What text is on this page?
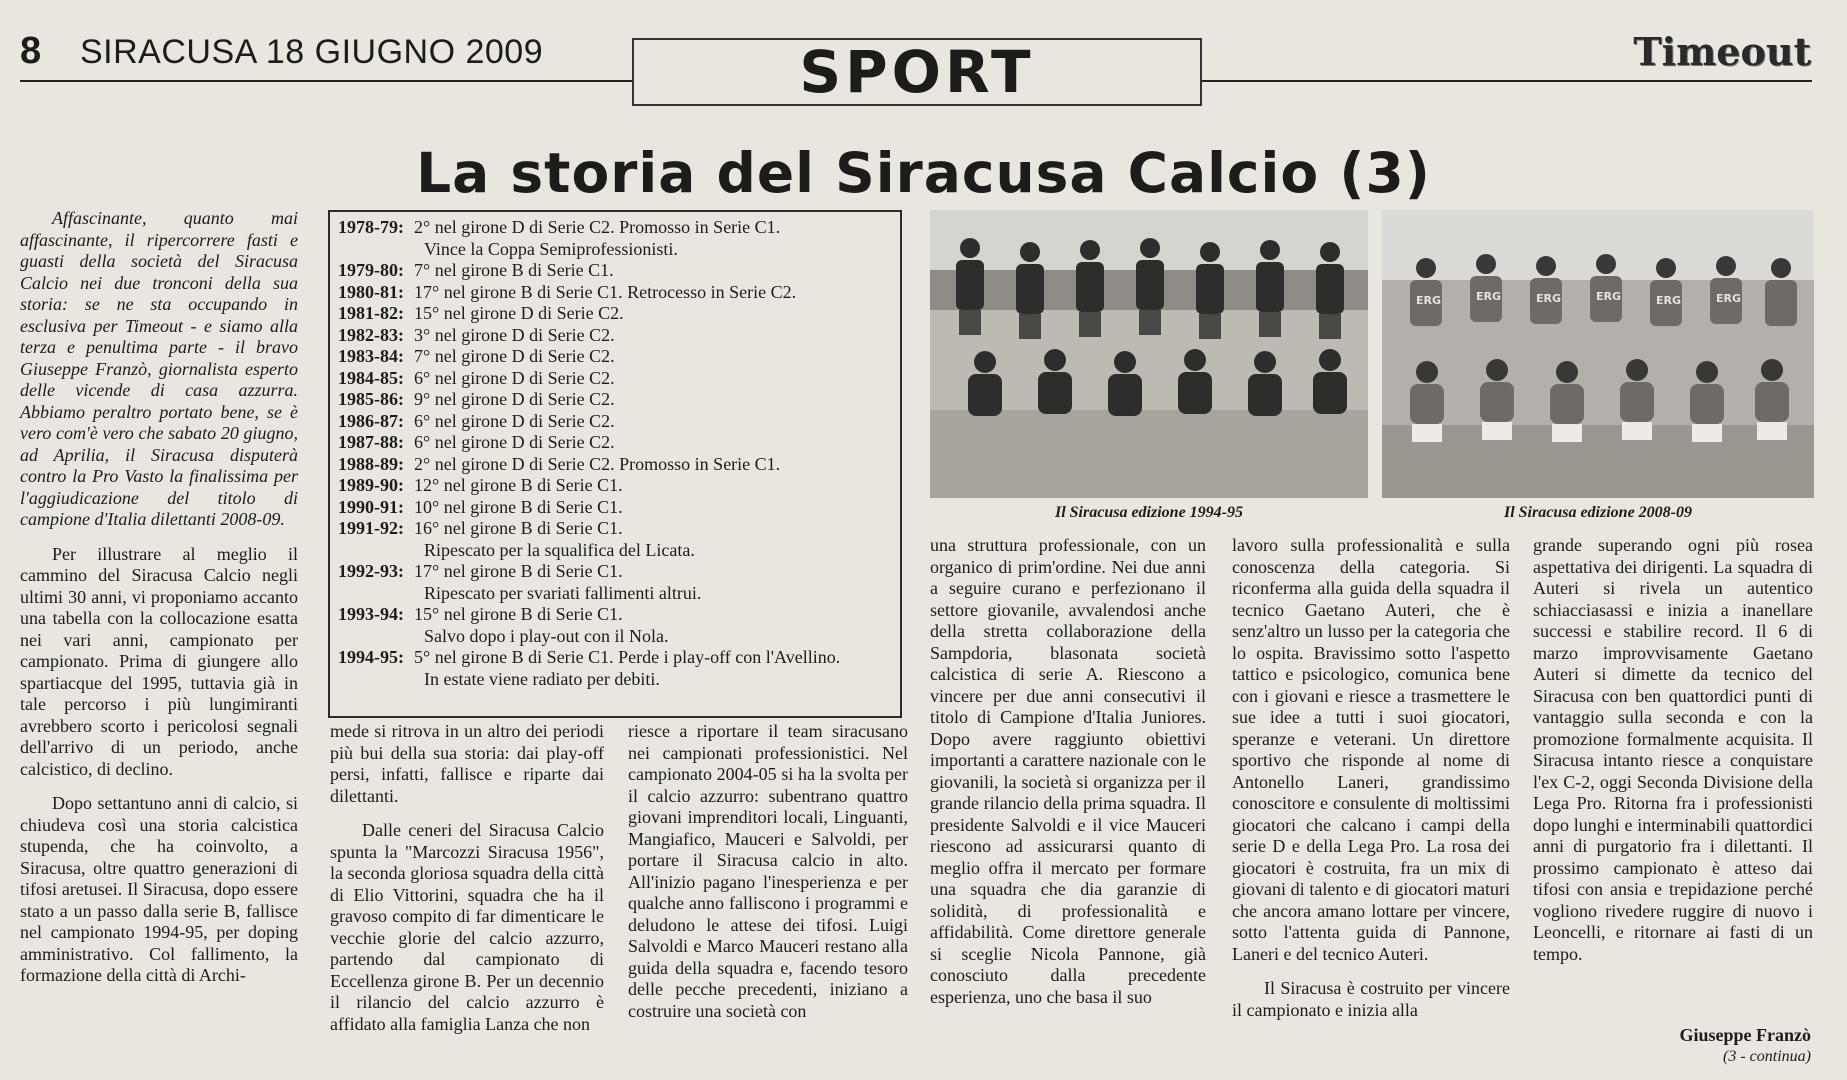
8 SIRACUSA 18 GIUGNO 2009	SPORT	Timeout
La storia del Siracusa Calcio (3)

Affascinante, quanto mai affascinante, il ripercorrere fasti e guasti della società del Siracusa Calcio nei due tronconi della sua storia: se ne sta occupando in esclusiva per Timeout - e siamo alla terza e penultima parte - il bravo Giuseppe Franzò, giornalista esperto delle vicende di casa azzurra. Abbiamo peraltro portato bene, se è vero com'è vero che sabato 20 giugno, ad Aprilia, il Siracusa disputerà contro la Pro Vasto la finalissima per l'aggiudicazione del titolo di campione d'Italia dilettanti 2008-09.

Per illustrare al meglio il cammino del Siracusa Calcio negli ultimi 30 anni, vi proponiamo accanto una tabella con la collocazione esatta nei vari anni, campionato per campionato. Prima di giungere allo spartiacque del 1995, tuttavia già in tale percorso i più lungimiranti avrebbero scorto i pericolosi segnali dell'arrivo di un periodo, anche calcistico, di declino.

Dopo settantuno anni di calcio, si chiudeva così una storia calcistica stupenda, che ha coinvolto, a Siracusa, oltre quattro generazioni di tifosi aretusei. Il Siracusa, dopo essere stato a un passo dalla serie B, fallisce nel campionato 1994-95, per doping amministrativo. Col fallimento, la formazione della città di Archi-

1978-79: 2° nel girone D di Serie C2. Promosso in Serie C1.
Vince la Coppa Semiprofessionisti.
1979-80: 7° nel girone B di Serie C1.
1980-81: 17° nel girone B di Serie C1. Retrocesso in Serie C2.
1981-82: 15° nel girone D di Serie C2.
1982-83: 3° nel girone D di Serie C2.
1983-84: 7° nel girone D di Serie C2.
1984-85: 6° nel girone D di Serie C2.
1985-86: 9° nel girone D di Serie C2.
1986-87: 6° nel girone D di Serie C2.
1987-88: 6° nel girone D di Serie C2.
1988-89: 2° nel girone D di Serie C2. Promosso in Serie C1.
1989-90: 12° nel girone B di Serie C1.
1990-91: 10° nel girone B di Serie C1.
1991-92: 16° nel girone B di Serie C1.
Ripescato per la squalifica del Licata.
1992-93: 17° nel girone B di Serie C1.
Ripescato per svariati fallimenti altrui.
1993-94: 15° nel girone B di Serie C1.
Salvo dopo i play-out con il Nola.
1994-95: 5° nel girone B di Serie C1. Perde i play-off con l'Avellino.
In estate viene radiato per debiti.

mede si ritrova in un altro dei periodi più bui della sua storia: dai play-off persi, infatti, fallisce e riparte dai dilettanti.

Dalle ceneri del Siracusa Calcio spunta la "Marcozzi Siracusa 1956", la seconda gloriosa squadra della città di Elio Vittorini, squadra che ha il gravoso compito di far dimenticare le vecchie glorie del calcio azzurro, partendo dal campionato di Eccellenza girone B. Per un decennio il rilancio del calcio azzurro è affidato alla famiglia Lanza che non

riesce a riportare il team siracusano nei campionati professionistici. Nel campionato 2004-05 si ha la svolta per il calcio azzurro: subentrano quattro giovani imprenditori locali, Linguanti, Mangiafico, Mauceri e Salvoldi, per portare il Siracusa calcio in alto. All'inizio pagano l'inesperienza e per qualche anno falliscono i programmi e deludono le attese dei tifosi. Luigi Salvoldi e Marco Mauceri restano alla guida della squadra e, facendo tesoro delle pecche precedenti, iniziano a costruire una società con

Il Siracusa edizione 1994-95
ERG	ERG	ERG	ERG	ERG	ERG
Il Siracusa edizione 2008-09

una struttura professionale, con un organico di prim'ordine. Nei due anni a seguire curano e perfezionano il settore giovanile, avvalendosi anche della stretta collaborazione della Sampdoria, blasonata società calcistica di serie A. Riescono a vincere per due anni consecutivi il titolo di Campione d'Italia Juniores. Dopo avere raggiunto obiettivi importanti a carattere nazionale con le giovanili, la società si organizza per il grande rilancio della prima squadra. Il presidente Salvoldi e il vice Mauceri riescono ad assicurarsi quanto di meglio offra il mercato per formare una squadra che dia garanzie di solidità, di professionalità e affidabilità. Come direttore generale si sceglie Nicola Pannone, già conosciuto dalla precedente esperienza, uno che basa il suo

lavoro sulla professionalità e sulla conoscenza della categoria. Si riconferma alla guida della squadra il tecnico Gaetano Auteri, che è senz'altro un lusso per la categoria che lo ospita. Bravissimo sotto l'aspetto tattico e psicologico, comunica bene con i giovani e riesce a trasmettere le sue idee a tutti i suoi giocatori, speranze e veterani. Un direttore sportivo che risponde al nome di Antonello Laneri, grandissimo conoscitore e consulente di moltissimi giocatori che calcano i campi della serie D e della Lega Pro. La rosa dei giocatori è costruita, fra un mix di giovani di talento e di giocatori maturi che ancora amano lottare per vincere, sotto l'attenta guida di Pannone, Laneri e del tecnico Auteri.

Il Siracusa è costruito per vincere il campionato e inizia alla

grande superando ogni più rosea aspettativa dei dirigenti. La squadra di Auteri si rivela un autentico schiacciasassi e inizia a inanellare successi e stabilire record. Il 6 di marzo improvvisamente Gaetano Auteri si dimette da tecnico del Siracusa con ben quattordici punti di vantaggio sulla seconda e con la promozione formalmente acquisita. Il Siracusa intanto riesce a conquistare l'ex C-2, oggi Seconda Divisione della Lega Pro. Ritorna fra i professionisti dopo lunghi e interminabili quattordici anni di purgatorio fra i dilettanti. Il prossimo campionato è atteso dai tifosi con ansia e trepidazione perché vogliono rivedere ruggire di nuovo i Leoncelli, e ritornare ai fasti di un tempo.

Giuseppe Franzò
(3 - continua)
